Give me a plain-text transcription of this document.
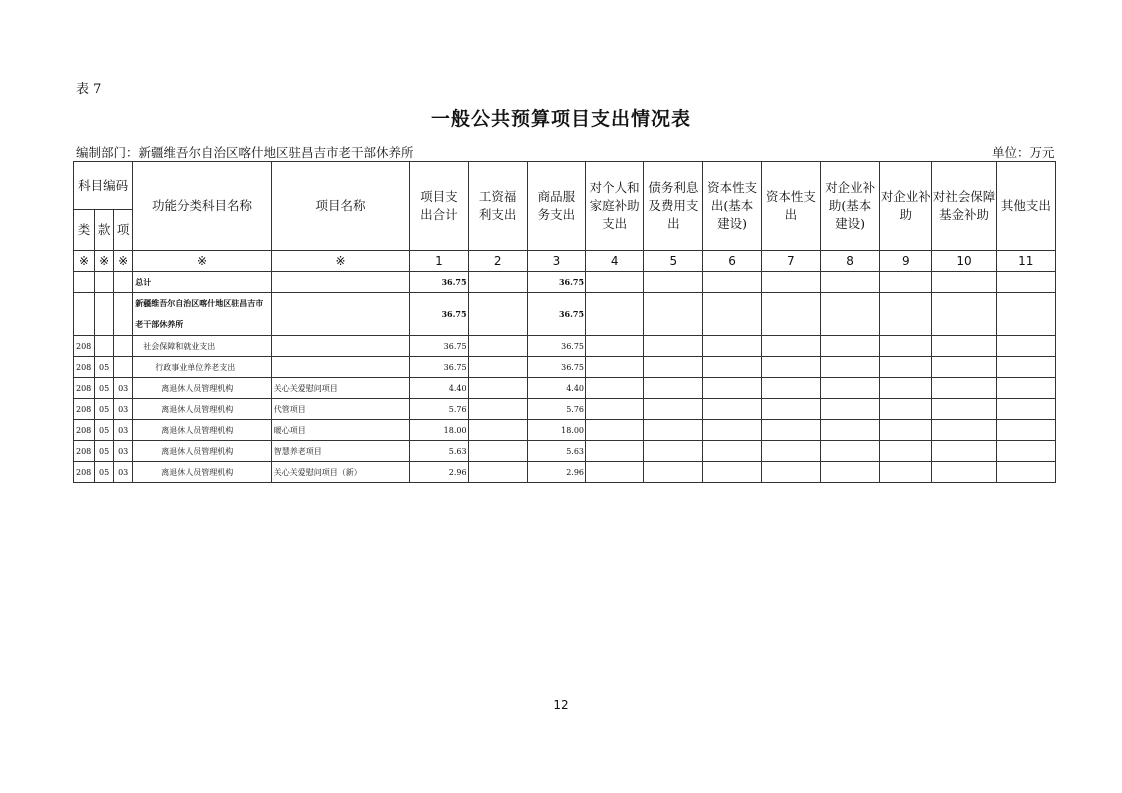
表 7
一般公共预算项目支出情况表
编制部门：新疆维吾尔自治区喀什地区驻昌吉市老干部休养所	单位：万元
科目编码			功能分类科目名称	项目名称	项目支出合计	工资福利支出	商品服务支出	对个人和家庭补助支出	债务利息及费用支出	资本性支出(基本建设)	资本性支出	对企业补助(基本建设)	对企业补助	对社会保障基金补助	其他支出
类	款	项													
※	※	※	※	※	1	2	3	4	5	6	7	8	9	10	11
			总计		36.75		36.75								
			新疆维吾尔自治区喀什地区驻昌吉市老干部休养所		36.75		36.75								
208			社会保障和就业支出		36.75		36.75								
208	05		行政事业单位养老支出		36.75		36.75								
208	05	03	离退休人员管理机构	关心关爱慰问项目	4.40		4.40								
208	05	03	离退休人员管理机构	代管项目	5.76		5.76								
208	05	03	离退休人员管理机构	暖心项目	18.00		18.00								
208	05	03	离退休人员管理机构	智慧养老项目	5.63		5.63								
208	05	03	离退休人员管理机构	关心关爱慰问项目（新）	2.96		2.96								
12
